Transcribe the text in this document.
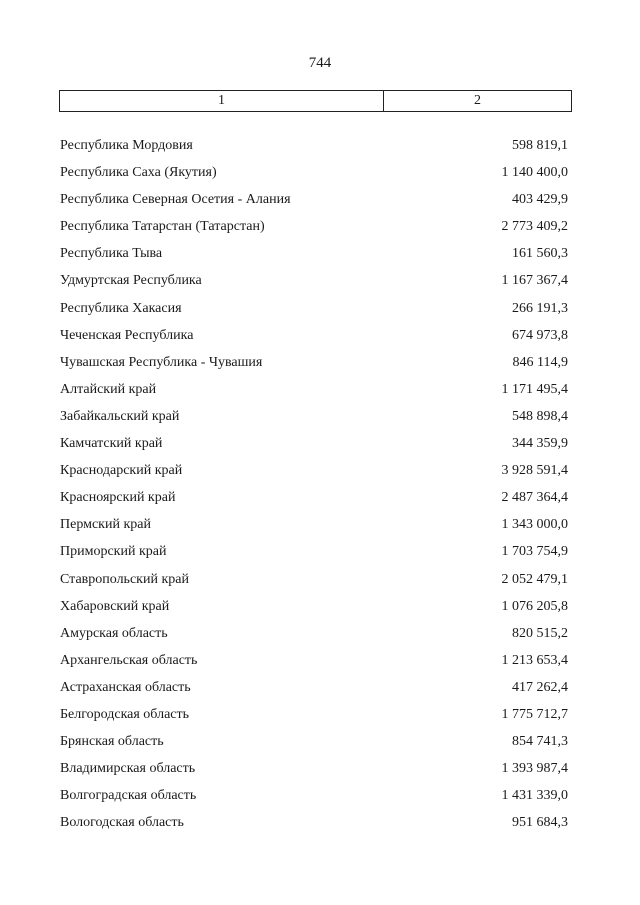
744
1	2
Республика Мордовия	598 819,1
Республика Саха (Якутия)	1 140 400,0
Республика Северная Осетия - Алания	403 429,9
Республика Татарстан (Татарстан)	2 773 409,2
Республика Тыва	161 560,3
Удмуртская Республика	1 167 367,4
Республика Хакасия	266 191,3
Чеченская Республика	674 973,8
Чувашская Республика - Чувашия	846 114,9
Алтайский край	1 171 495,4
Забайкальский край	548 898,4
Камчатский край	344 359,9
Краснодарский край	3 928 591,4
Красноярский край	2 487 364,4
Пермский край	1 343 000,0
Приморский край	1 703 754,9
Ставропольский край	2 052 479,1
Хабаровский край	1 076 205,8
Амурская область	820 515,2
Архангельская область	1 213 653,4
Астраханская область	417 262,4
Белгородская область	1 775 712,7
Брянская область	854 741,3
Владимирская область	1 393 987,4
Волгоградская область	1 431 339,0
Вологодская область	951 684,3
